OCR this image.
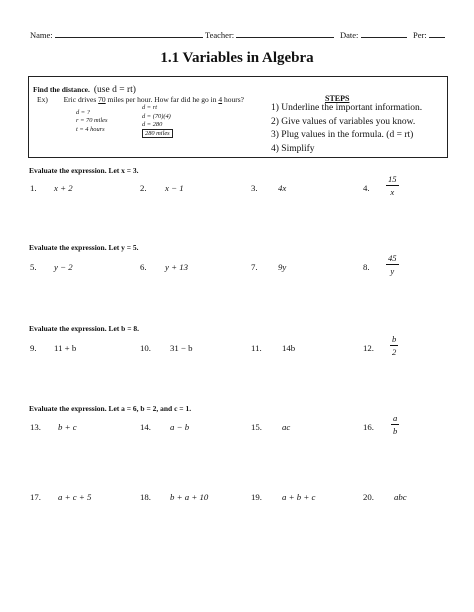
Name:	Teacher:	Date:	Per:
1.1 Variables in Algebra
Find the distance. (use d = rt)
Ex) Eric drives 70 miles per hour. How far did he go in 4 hours?
d = ?
r = 70 miles
t = 4 hours
d = rt
d = (70)(4)
d = 280
280 miles
STEPS
1) Underline the important information.
2) Give values of variables you know.
3) Plug values in the formula. (d = rt)
4) Simplify
Evaluate the expression. Let x = 3.
1. x + 2	2. x − 1	3. 4x	4.
15
x
Evaluate the expression. Let y = 5.
5. y − 2	6. y + 13	7. 9y	8.
45
y
Evaluate the expression. Let b = 8.
9. 11 + b	10. 31 − b	11. 14b	12.
b
2
Evaluate the expression. Let a = 6, b = 2, and c = 1.
13. b + c	14. a − b	15. ac	16.
a
b
17. a + c + 5	18. b + a + 10	19. a + b + c	20. abc
